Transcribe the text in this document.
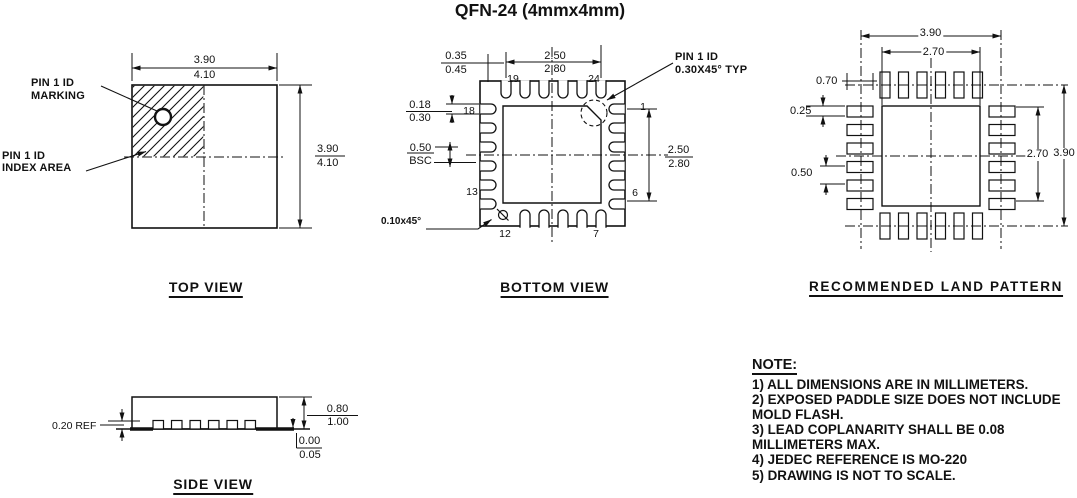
QFN-24 (4mmx4mm)
PIN 1 ID
MARKING
PIN 1 ID
INDEX AREA
3.90
4.10
3.90
4.10
TOP VIEW
0.35
0.45
2.50
2.80
19	24
PIN 1 ID
0.30X45° TYP
0.18
0.30
18	1
0.50
BSC
2.50
2.80
13	6
0.10x45°
12	7
BOTTOM VIEW
3.90
2.70
0.70
0.25
0.50
2.70 3.90
RECOMMENDED LAND PATTERN
0.20 REF
0.80
1.00
0.00
0.05
SIDE VIEW
NOTE:
1) ALL DIMENSIONS ARE IN MILLIMETERS.
2) EXPOSED PADDLE SIZE DOES NOT INCLUDE
MOLD FLASH.
3) LEAD COPLANARITY SHALL BE 0.08
MILLIMETERS MAX.
4) JEDEC REFERENCE IS MO-220
5) DRAWING IS NOT TO SCALE.
